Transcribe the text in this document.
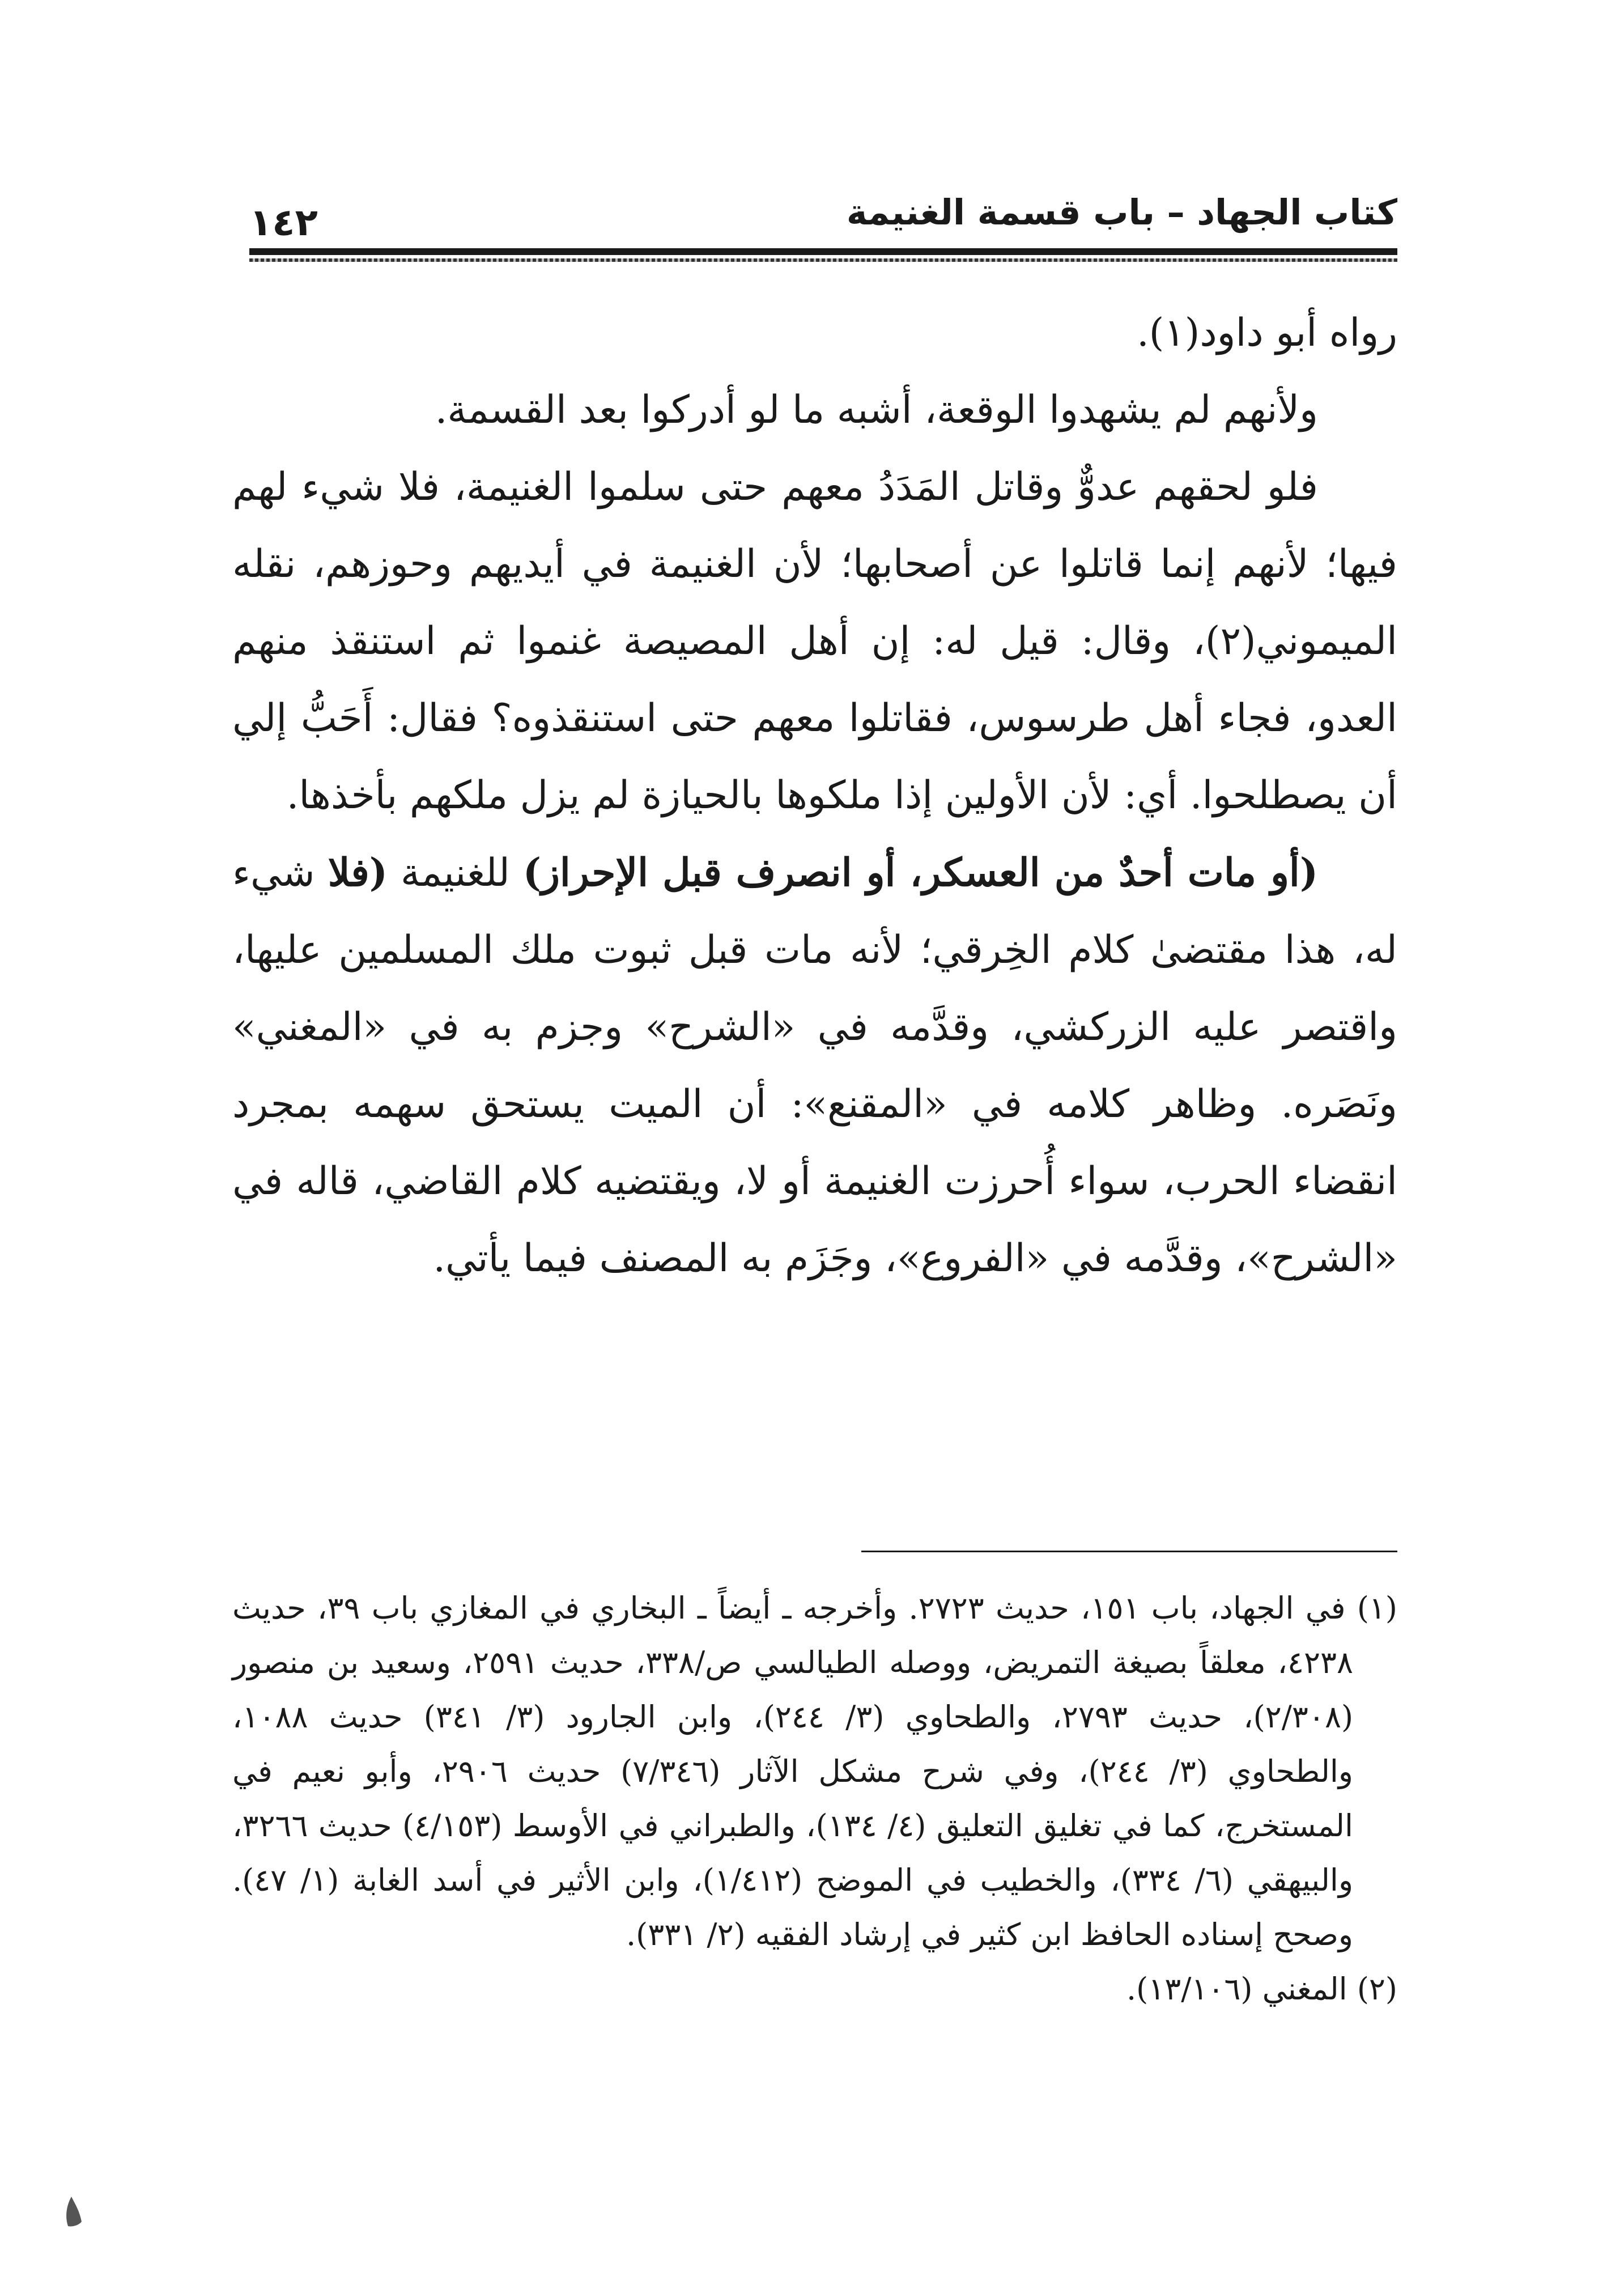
كتاب الجهاد – باب قسمة الغنيمة
١٤٢

رواه أبو داود(١).

ولأنهم لم يشهدوا الوقعة، أشبه ما لو أدركوا بعد القسمة.

فلو لحقهم عدوٌّ وقاتل المَدَدُ معهم حتى سلموا الغنيمة، فلا شيء لهم فيها؛ لأنهم إنما قاتلوا عن أصحابها؛ لأن الغنيمة في أيديهم وحوزهم، نقله الميموني(٢)، وقال: قيل له: إن أهل المصيصة غنموا ثم استنقذ منهم العدو، فجاء أهل طرسوس، فقاتلوا معهم حتى استنقذوه؟ فقال: أَحَبُّ إلي أن يصطلحوا. أي: لأن الأولين إذا ملكوها بالحيازة لم يزل ملكهم بأخذها.

(أو مات أحدٌ من العسكر، أو انصرف قبل الإحراز) للغنيمة (فلا شيء له، هذا مقتضىٰ كلام الخِرقي؛ لأنه مات قبل ثبوت ملك المسلمين عليها، واقتصر عليه الزركشي، وقدَّمه في «الشرح» وجزم به في «المغني» ونَصَره. وظاهر كلامه في «المقنع»: أن الميت يستحق سهمه بمجرد انقضاء الحرب، سواء أُحرزت الغنيمة أو لا، ويقتضيه كلام القاضي، قاله في «الشرح»، وقدَّمه في «الفروع»، وجَزَم به المصنف فيما يأتي.

(١) في الجهاد، باب ١٥١، حديث ٢٧٢٣. وأخرجه ـ أيضاً ـ البخاري في المغازي باب ٣٩، حديث ٤٢٣٨، معلقاً بصيغة التمريض، ووصله الطيالسي ص/٣٣٨، حديث ٢٥٩١، وسعيد بن منصور (٢/٣٠٨)، حديث ٢٧٩٣، والطحاوي (٣/ ٢٤٤)، وابن الجارود (٣/ ٣٤١) حديث ١٠٨٨، والطحاوي (٣/ ٢٤٤)، وفي شرح مشكل الآثار (٧/٣٤٦) حديث ٢٩٠٦، وأبو نعيم في المستخرج، كما في تغليق التعليق (٤/ ١٣٤)، والطبراني في الأوسط (٤/١٥٣) حديث ٣٢٦٦، والبيهقي (٦/ ٣٣٤)، والخطيب في الموضح (١/٤١٢)، وابن الأثير في أسد الغابة (١/ ٤٧). وصحح إسناده الحافظ ابن كثير في إرشاد الفقيه (٢/ ٣٣١).

(٢) المغني (١٣/١٠٦).
